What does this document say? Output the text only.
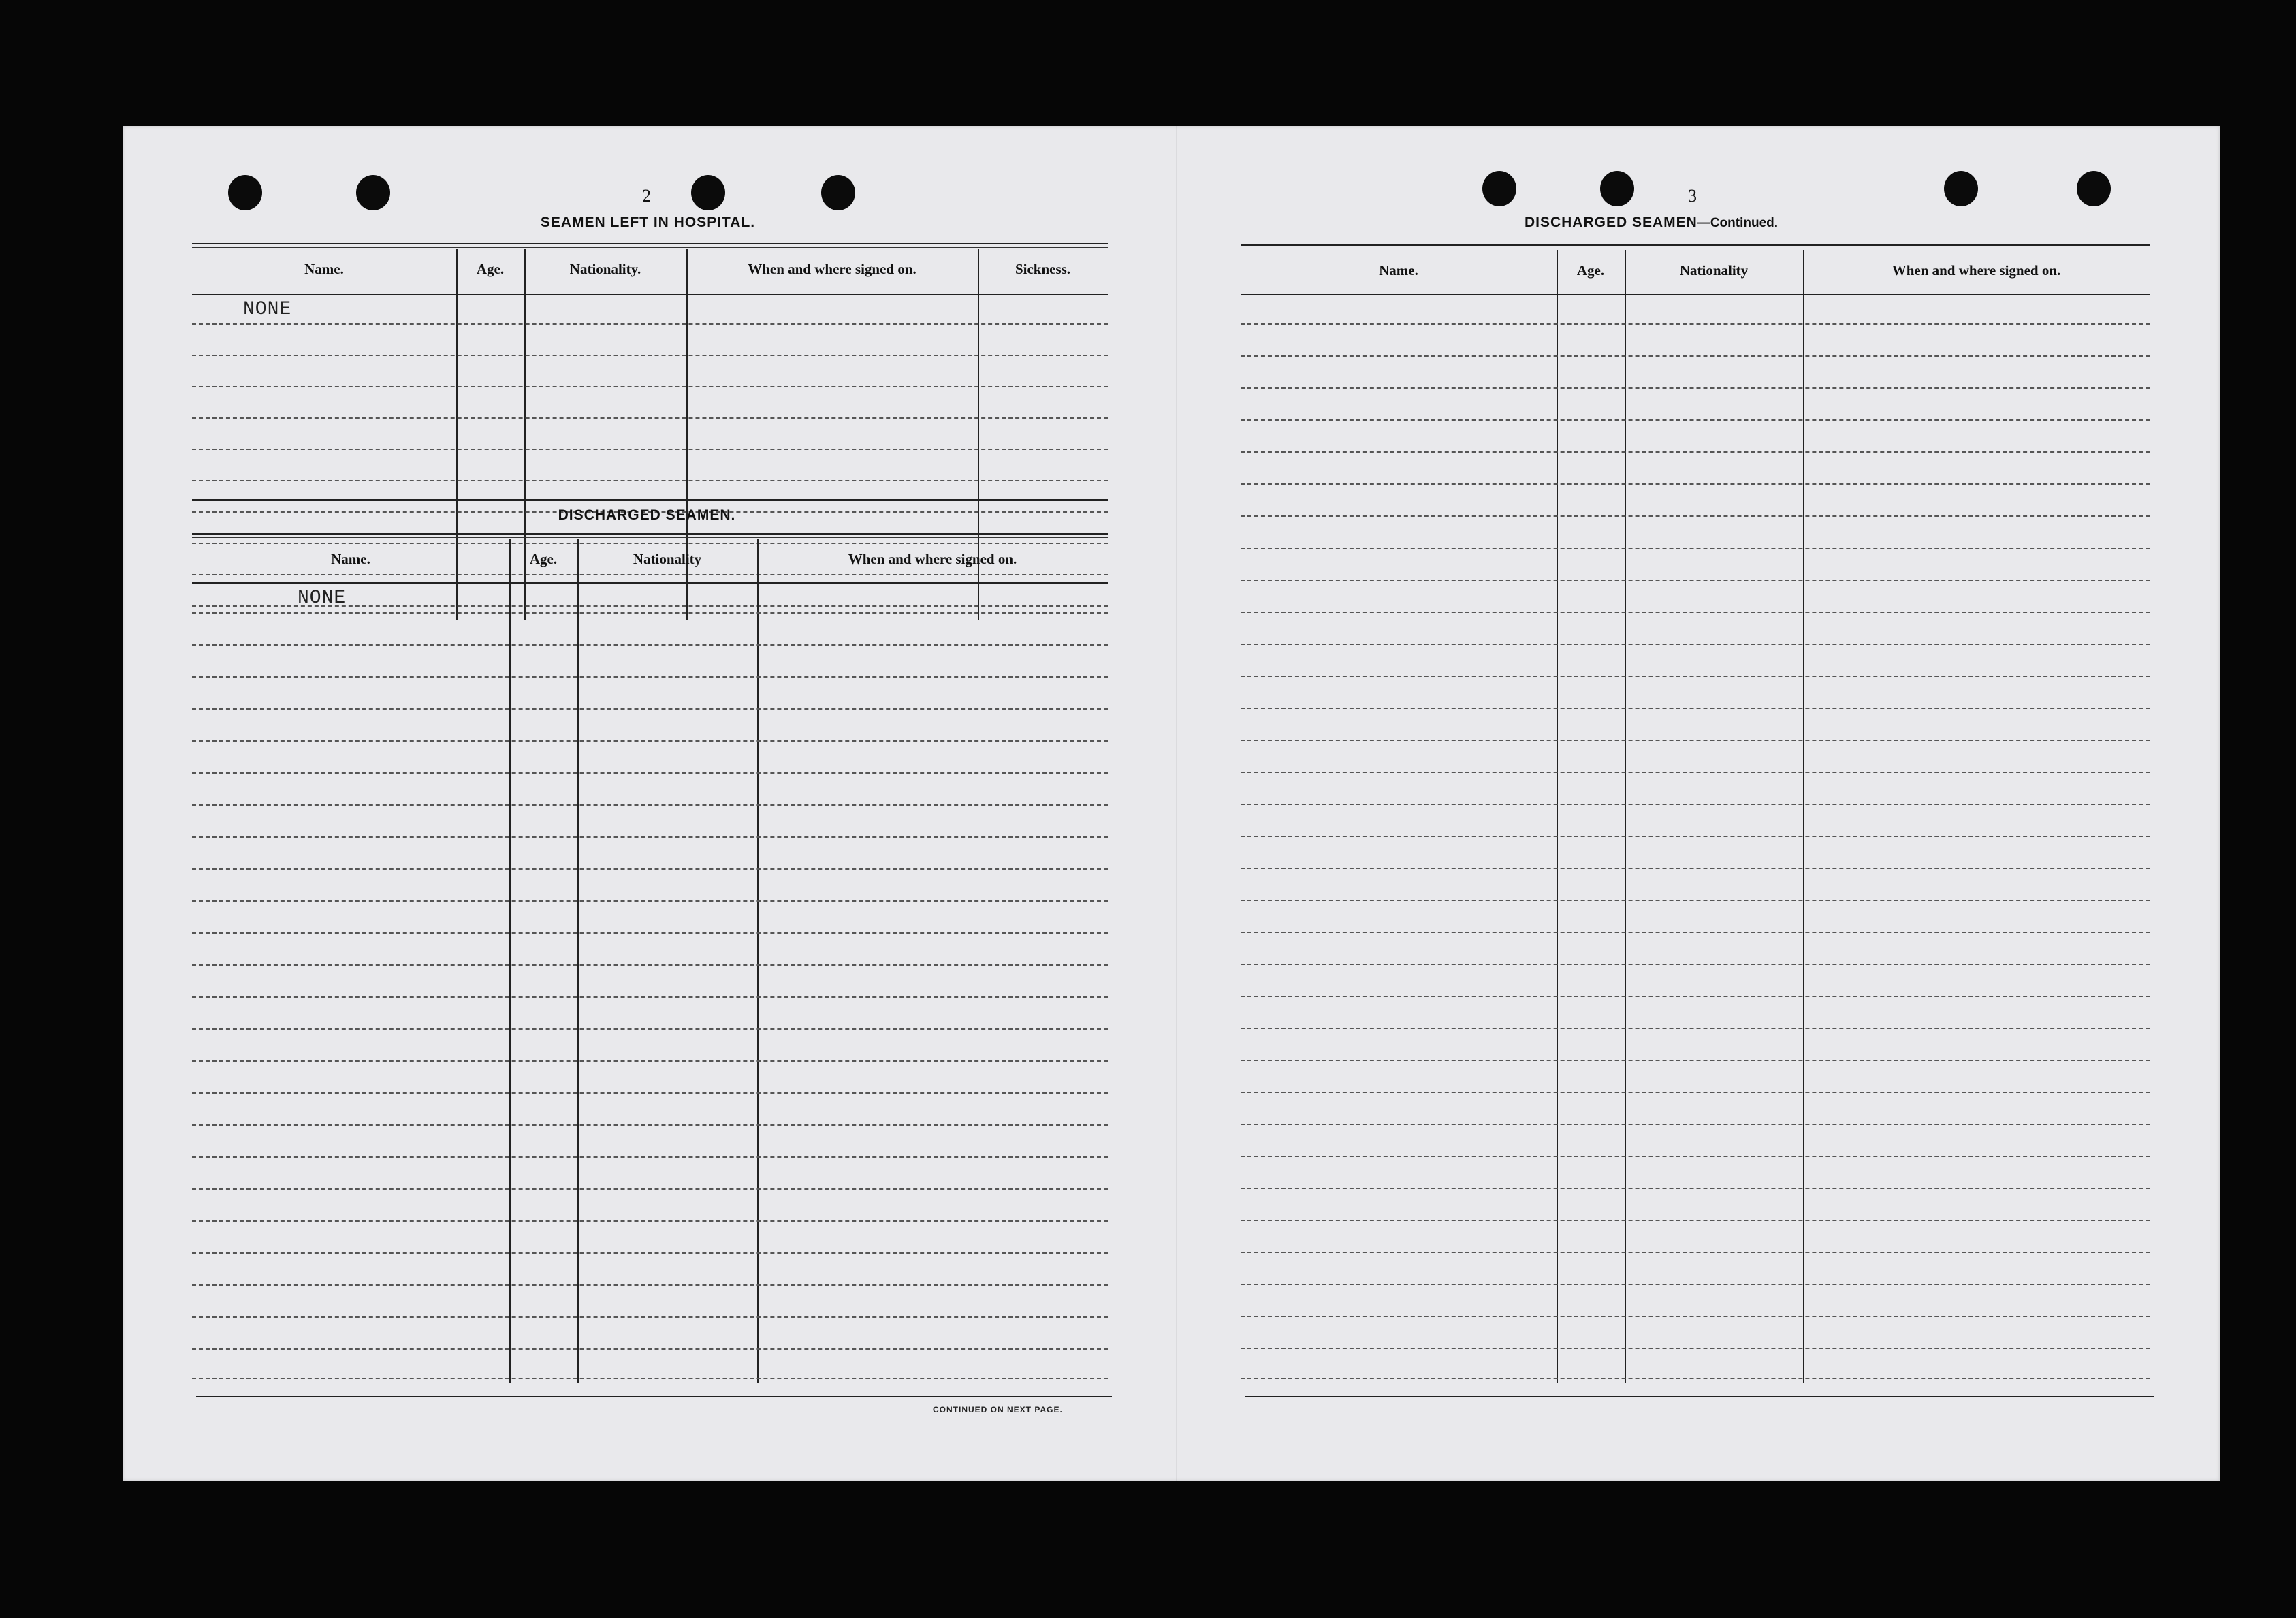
2
SEAMEN LEFT IN HOSPITAL.
Name.	Age.	Nationality.	When and where signed on.	Sickness.
NONE
DISCHARGED SEAMEN.
Name.	Age.	Nationality	When and where signed on.
NONE
CONTINUED ON NEXT PAGE.
3
DISCHARGED SEAMEN—Continued.
Name.	Age.	Nationality	When and where signed on.
